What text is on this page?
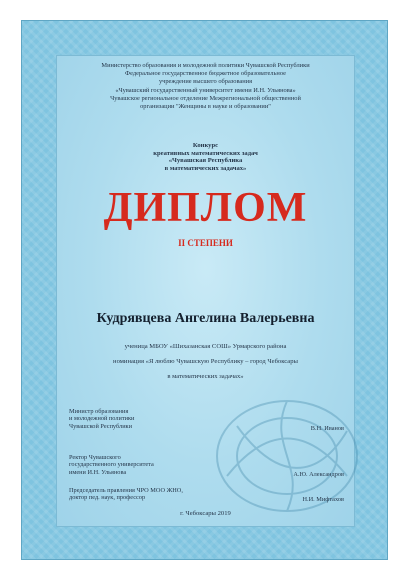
Министерство образования и молодежной политики Чувашской Республики
Федеральное государственное бюджетное образовательное
учреждение высшего образования
«Чувашский государственный университет имени И.Н. Ульянова»
Чувашское региональное отделение Межрегиональной общественной
организации "Женщины в науке и образовании"
Конкурс
креативных математических задач
«Чувашская Республика
в математических задачах»
ДИПЛОМ
II СТЕПЕНИ
Кудрявцева Ангелина Валерьевна
ученица МБОУ «Шихазанская СОШ» Урмарского района
номинация «Я люблю Чувашскую Республику – город Чебоксары
в математических задачах»
Министр образования
и молодежной политики
Чувашской Республики	В.Н. Иванов
Ректор Чувашского
государственного университета
имени И.Н. Ульянова	А.Ю. Александров
Председатель правления ЧРО МОО ЖНО,
доктор пед. наук, профессор	Н.И. Мифтахов
г. Чебоксары 2019
